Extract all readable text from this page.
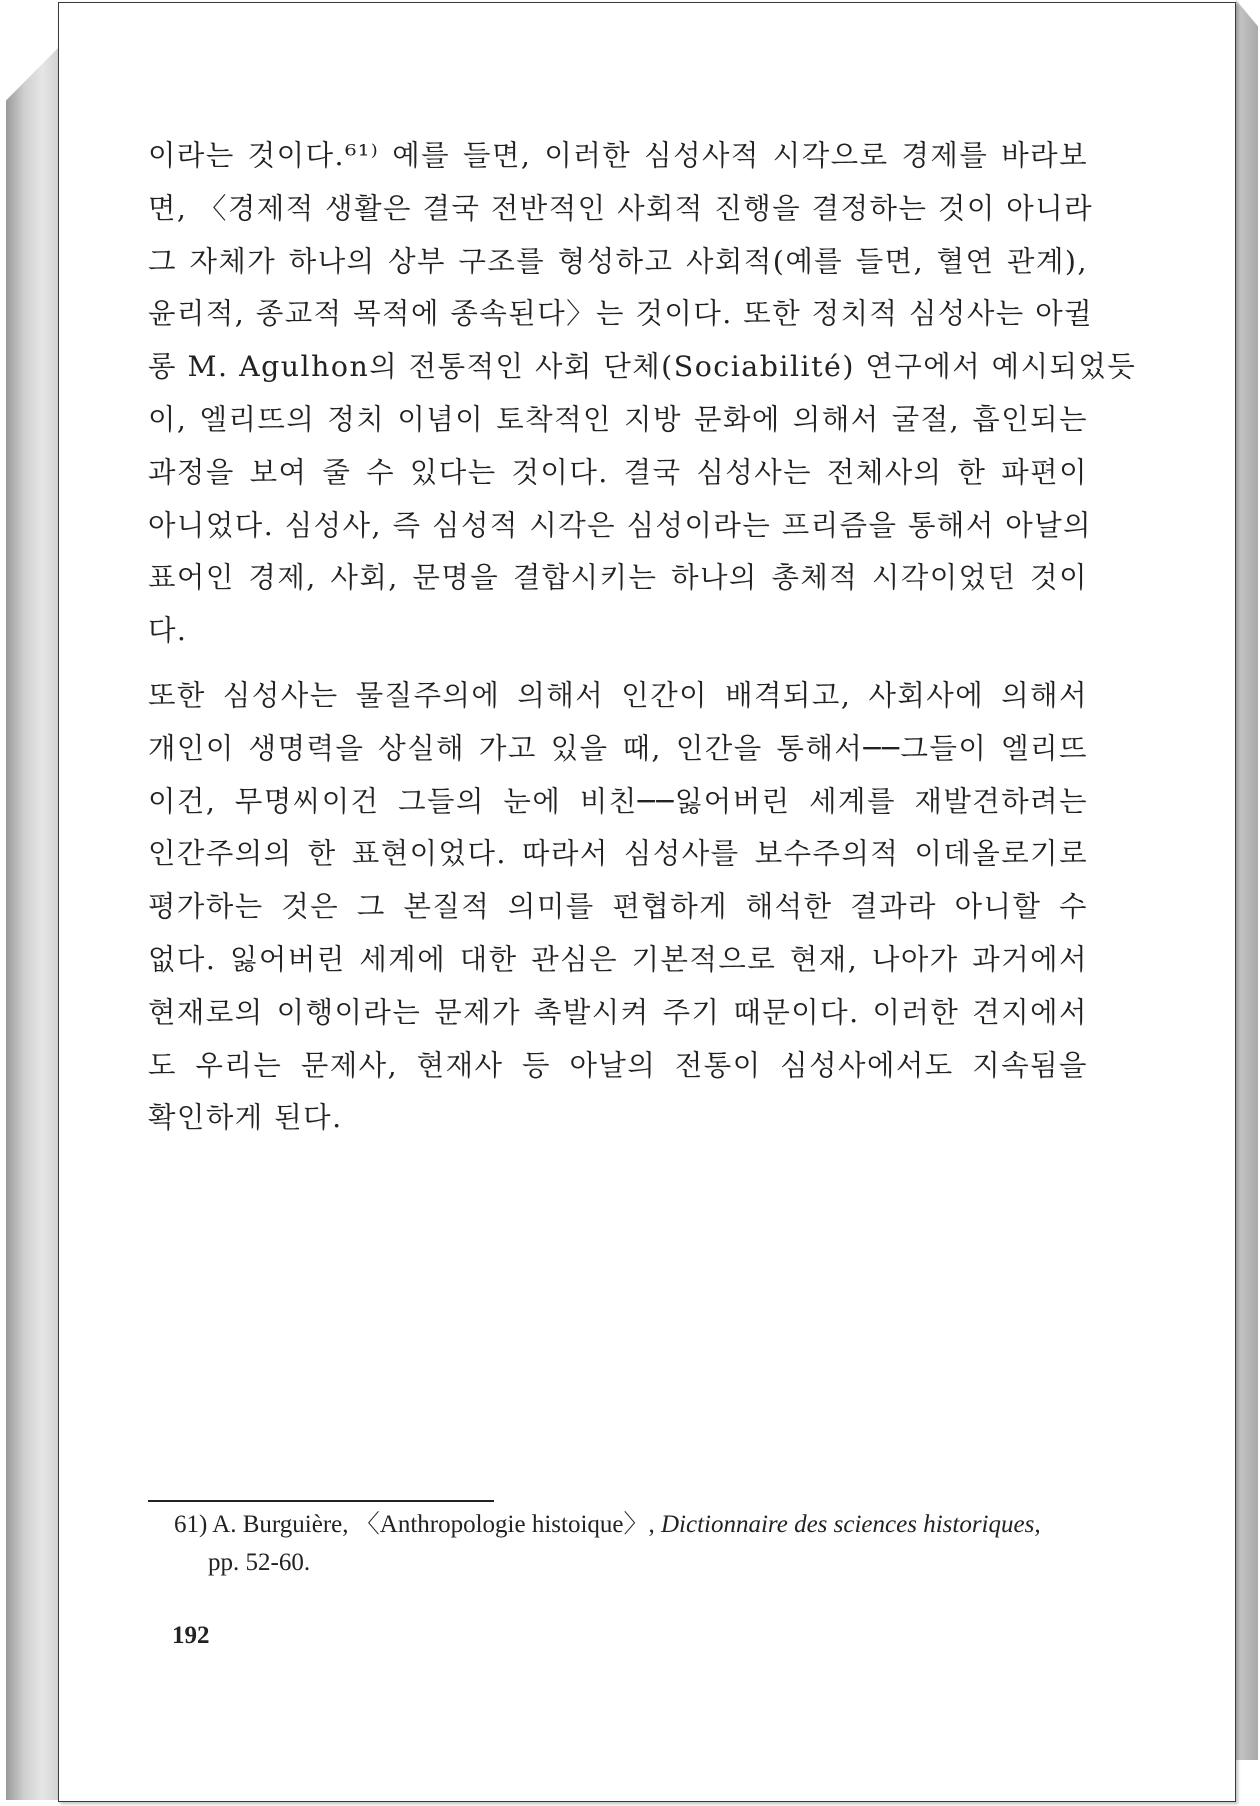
이라는 것이다.⁶¹⁾ 예를 들면, 이러한 심성사적 시각으로 경제를 바라보
면, 〈경제적 생활은 결국 전반적인 사회적 진행을 결정하는 것이 아니라
그 자체가 하나의 상부 구조를 형성하고 사회적(예를 들면, 혈연 관계),
윤리적, 종교적 목적에 종속된다〉는 것이다. 또한 정치적 심성사는 아귈
롱 M. Agulhon의 전통적인 사회 단체(Sociabilité) 연구에서 예시되었듯
이, 엘리뜨의 정치 이념이 토착적인 지방 문화에 의해서 굴절, 흡인되는
과정을 보여 줄 수 있다는 것이다. 결국 심성사는 전체사의 한 파편이
아니었다. 심성사, 즉 심성적 시각은 심성이라는 프리즘을 통해서 아날의
표어인 경제, 사회, 문명을 결합시키는 하나의 총체적 시각이었던 것이
다.
또한 심성사는 물질주의에 의해서 인간이 배격되고, 사회사에 의해서
개인이 생명력을 상실해 가고 있을 때, 인간을 통해서──그들이 엘리뜨
이건, 무명씨이건 그들의 눈에 비친──잃어버린 세계를 재발견하려는
인간주의의 한 표현이었다. 따라서 심성사를 보수주의적 이데올로기로
평가하는 것은 그 본질적 의미를 편협하게 해석한 결과라 아니할 수
없다. 잃어버린 세계에 대한 관심은 기본적으로 현재, 나아가 과거에서
현재로의 이행이라는 문제가 촉발시켜 주기 때문이다. 이러한 견지에서
도 우리는 문제사, 현재사 등 아날의 전통이 심성사에서도 지속됨을
확인하게 된다.
61) A. Burguière, 〈Anthropologie histoique〉, Dictionnaire des sciences historiques,
pp. 52-60.
192
